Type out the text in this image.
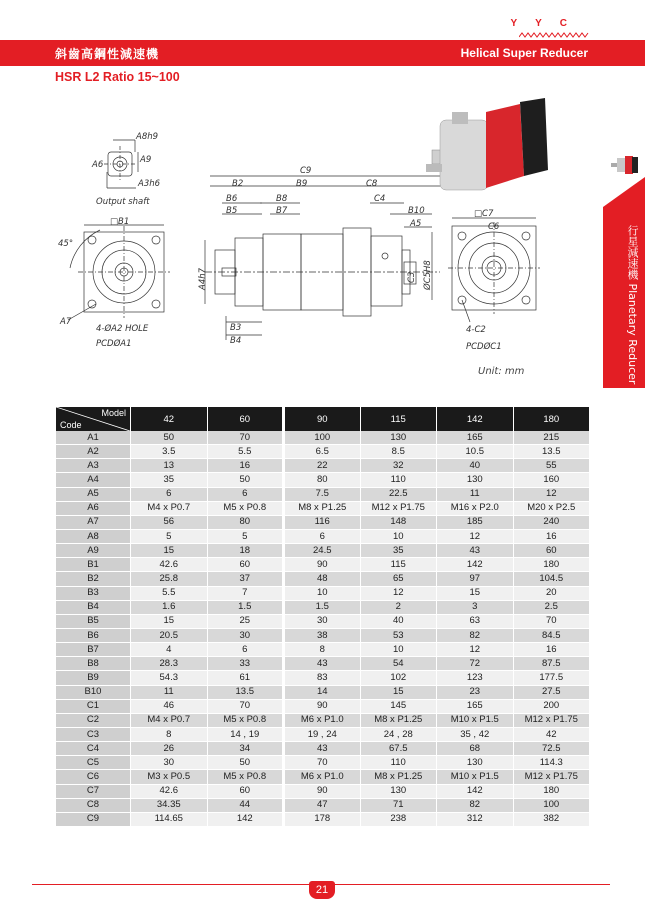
YYC
斜齒高鋼性減速機	Helical Super Reducer
HSR L2 Ratio 15~100
行星減速機 Planetary Reducer
A8h9
A6	A9
A3h6
Output shaft
□B1
45°
A7
4-ØA2 HOLE
PCDØA1
C9
B2	B9	C8
B6	B8	C4
B5	B7	B10
A5
A4h7	C3 ØC5H8
B3
B4
□C7
C6
4-C2
PCDØC1
Unit: mm
Model
Code	42	60	90	115	142	180
A1	50	70	100	130	165	215
A2	3.5	5.5	6.5	8.5	10.5	13.5
A3	13	16	22	32	40	55
A4	35	50	80	110	130	160
A5	6	6	7.5	22.5	11	12
A6	M4 x P0.7	M5 x P0.8	M8 x P1.25	M12 x P1.75	M16 x P2.0	M20 x P2.5
A7	56	80	116	148	185	240
A8	5	5	6	10	12	16
A9	15	18	24.5	35	43	60
B1	42.6	60	90	115	142	180
B2	25.8	37	48	65	97	104.5
B3	5.5	7	10	12	15	20
B4	1.6	1.5	1.5	2	3	2.5
B5	15	25	30	40	63	70
B6	20.5	30	38	53	82	84.5
B7	4	6	8	10	12	16
B8	28.3	33	43	54	72	87.5
B9	54.3	61	83	102	123	177.5
B10	11	13.5	14	15	23	27.5
C1	46	70	90	145	165	200
C2	M4 x P0.7	M5 x P0.8	M6 x P1.0	M8 x P1.25	M10 x P1.5	M12 x P1.75
C3	8	14 , 19	19 , 24	24 , 28	35 , 42	42
C4	26	34	43	67.5	68	72.5
C5	30	50	70	110	130	114.3
C6	M3 x P0.5	M5 x P0.8	M6 x P1.0	M8 x P1.25	M10 x P1.5	M12 x P1.75
C7	42.6	60	90	130	142	180
C8	34.35	44	47	71	82	100
C9	114.65	142	178	238	312	382
21
